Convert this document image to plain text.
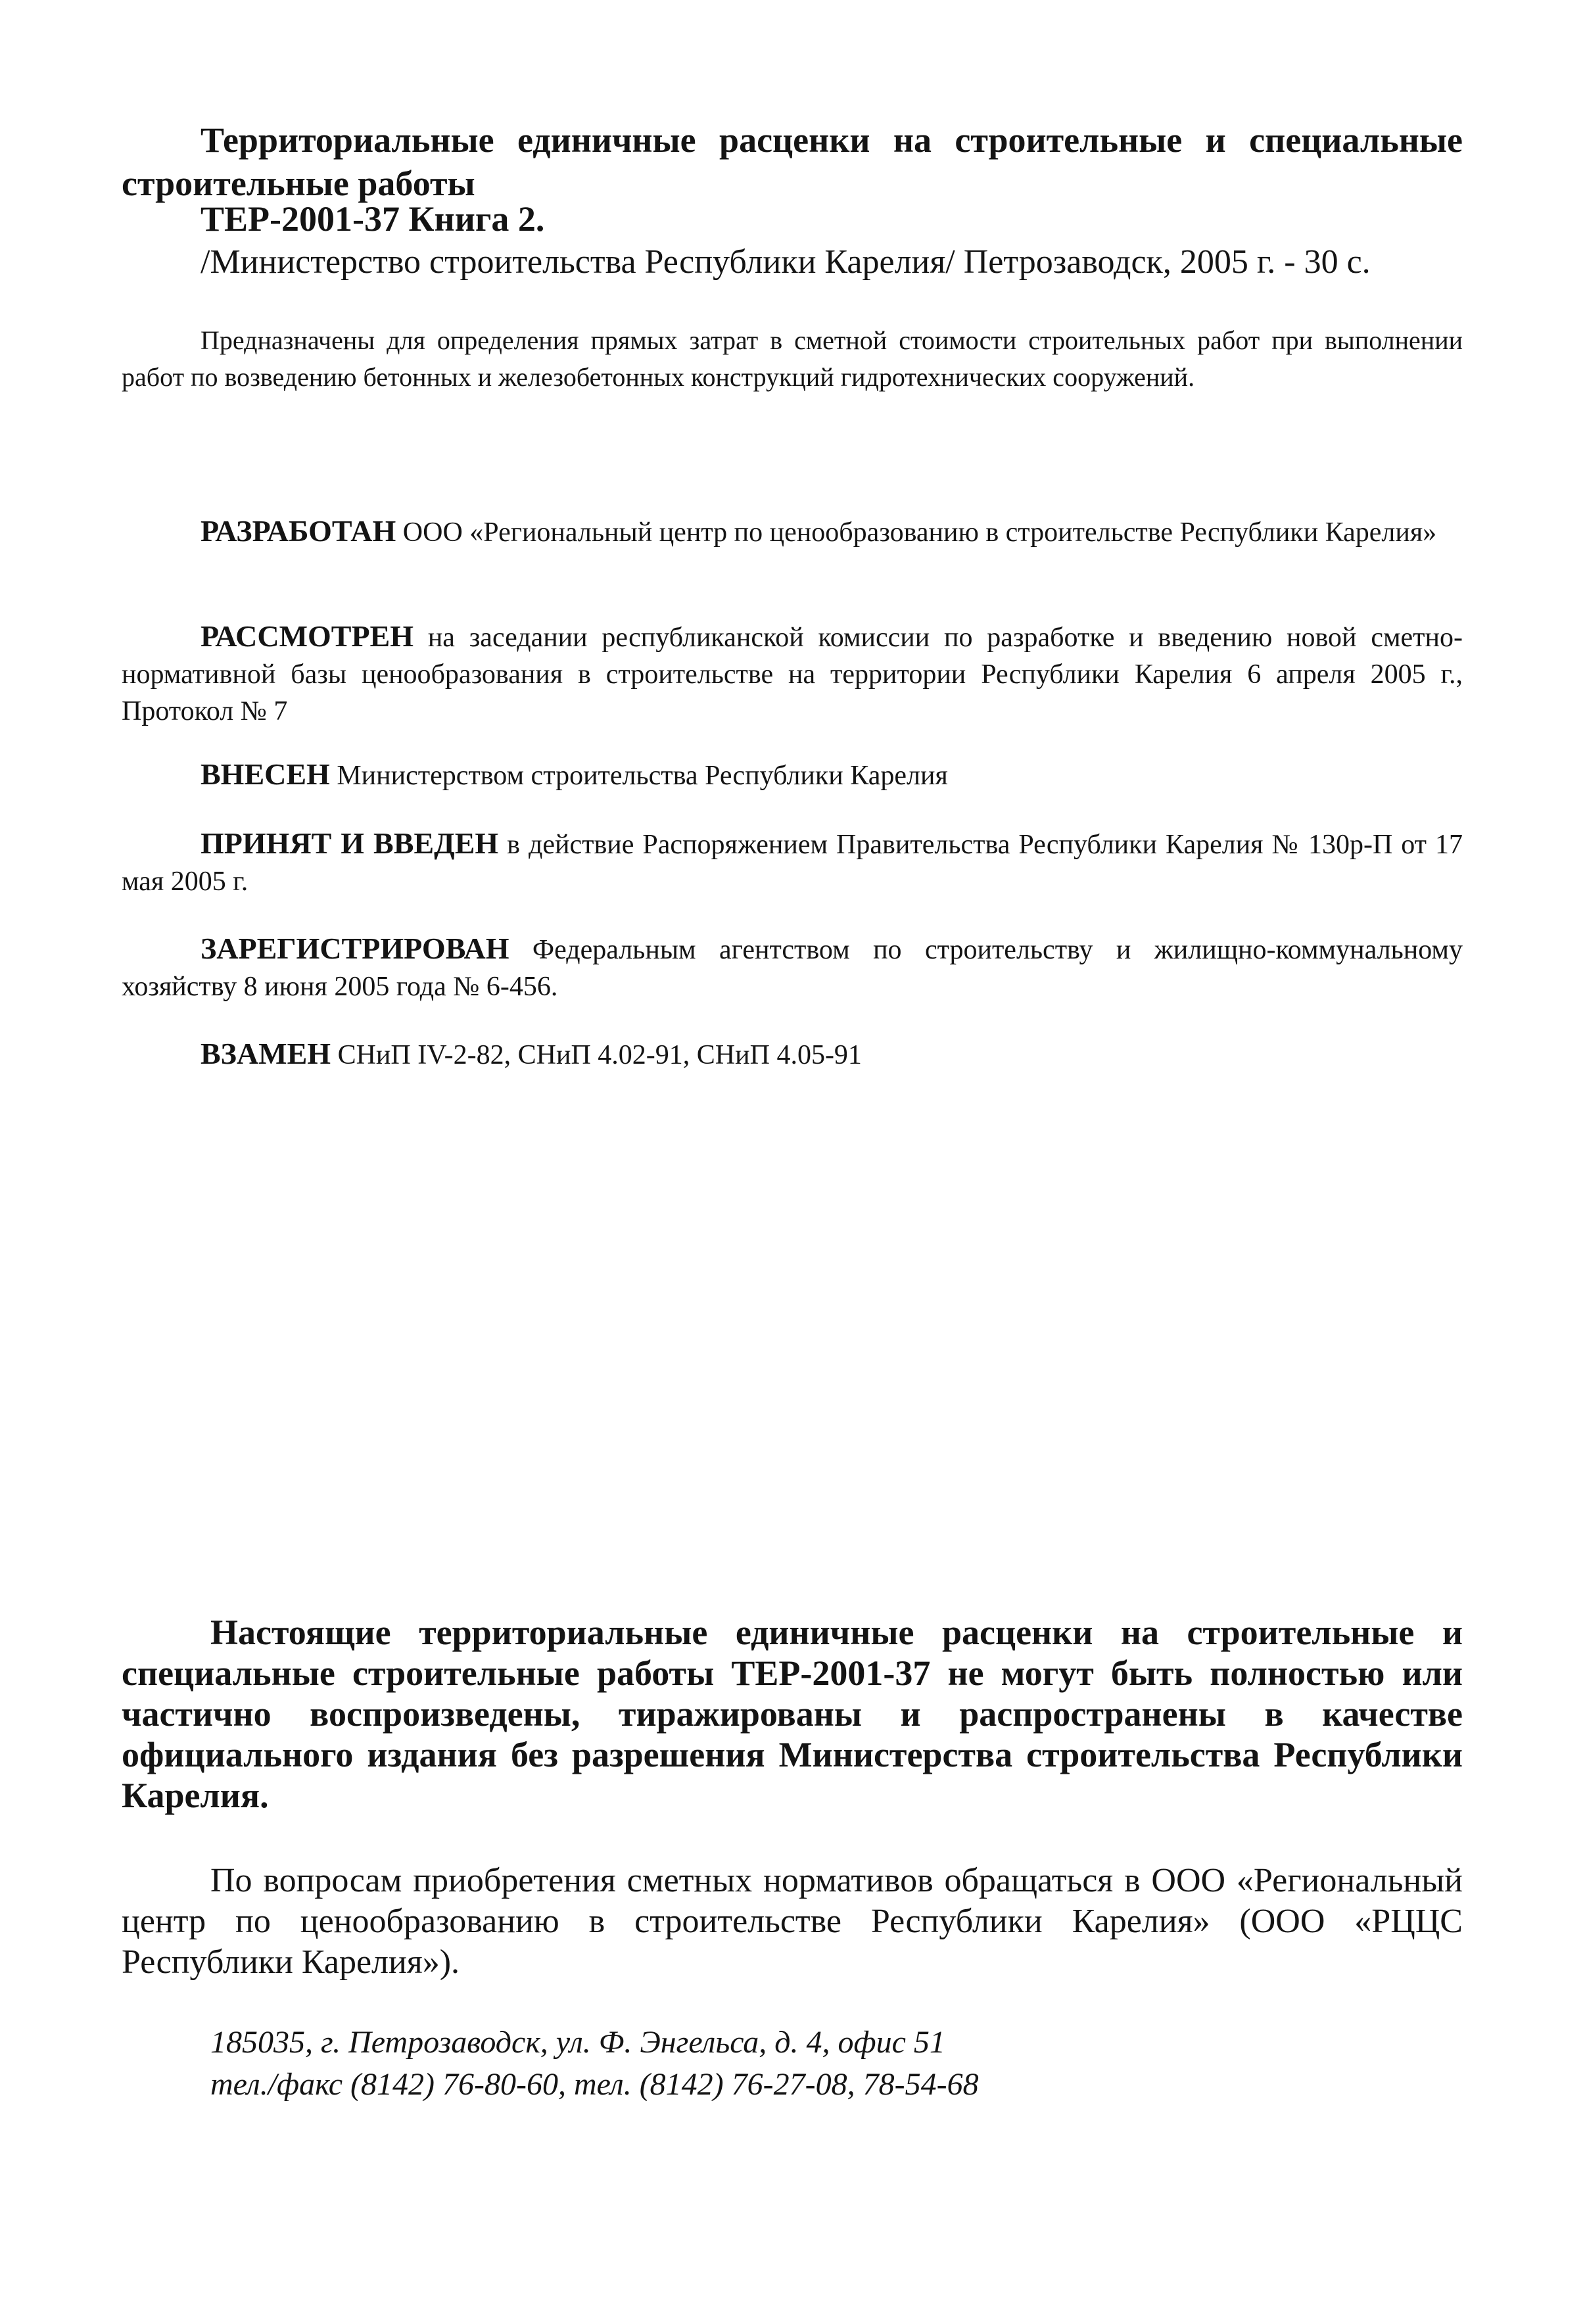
Территориальные единичные расценки на строительные и специальные строительные работы
ТЕР-2001-37 Книга 2.
/Министерство строительства Республики Карелия/ Петрозаводск, 2005 г. - 30 с.
Предназначены для определения прямых затрат в сметной стоимости строительных работ при выполнении работ по возведению бетонных и железобетонных конструкций гидротехнических сооружений.
РАЗРАБОТАН ООО «Региональный центр по ценообразованию в строительстве Республики Карелия»
РАССМОТРЕН на заседании республиканской комиссии по разработке и введению новой сметно-нормативной базы ценообразования в строительстве на территории Республики Карелия 6 апреля 2005 г., Протокол № 7
ВНЕСЕН Министерством строительства Республики Карелия
ПРИНЯТ И ВВЕДЕН в действие Распоряжением Правительства Республики Карелия № 130р-П от 17 мая 2005 г.
ЗАРЕГИСТРИРОВАН Федеральным агентством по строительству и жилищно-коммунальному хозяйству 8 июня 2005 года № 6-456.
ВЗАМЕН СНиП IV-2-82, СНиП 4.02-91, СНиП 4.05-91
Настоящие территориальные единичные расценки на строительные и специальные строительные работы ТЕР-2001-37 не могут быть полностью или частично воспроизведены, тиражированы и распространены в качестве официального издания без разрешения Министерства строительства Республики Карелия.
По вопросам приобретения сметных нормативов обращаться в ООО «Региональный центр по ценообразованию в строительстве Республики Карелия» (ООО «РЦЦС Республики Карелия»).
185035, г. Петрозаводск, ул. Ф. Энгельса, д. 4, офис 51
тел./факс (8142) 76-80-60, тел. (8142) 76-27-08, 78-54-68
